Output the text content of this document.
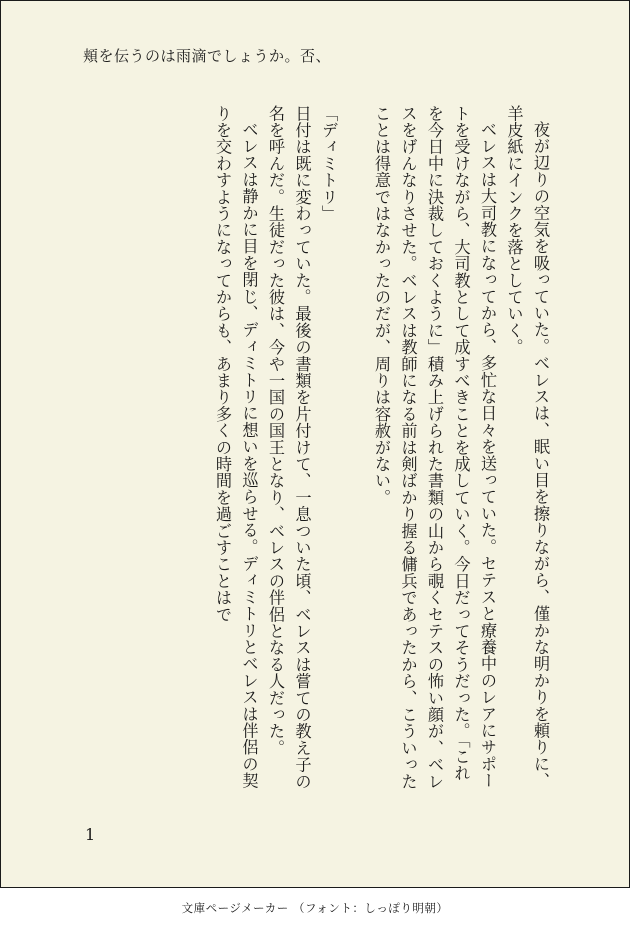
頬を伝うのは雨滴でしょうか。否、

夜が辺りの空気を吸っていた。ベレスは、眠い目を擦りながら、僅かな明かりを頼りに、羊皮紙にインクを落としていく。

ベレスは大司教になってから、多忙な日々を送っていた。セテスと療養中のレアにサポートを受けながら、大司教として成すべきことを成していく。今日だってそうだった。「これを今日中に決裁しておくように」積み上げられた書類の山から覗くセテスの怖い顔が、ベレスをげんなりさせた。ベレスは教師になる前は剣ばかり握る傭兵であったから、こういったことは得意ではなかったのだが、周りは容赦がない。

「ディミトリ」

日付は既に変わっていた。最後の書類を片付けて、一息ついた頃、ベレスは嘗ての教え子の名を呼んだ。生徒だった彼は、今や一国の国王となり、ベレスの伴侶となる人だった。

ベレスは静かに目を閉じ、ディミトリに想いを巡らせる。ディミトリとベレスは伴侶の契りを交わすようになってからも、あまり多くの時間を過ごすことはで

1
文庫ページメーカー （フォント：しっぽり明朝）
